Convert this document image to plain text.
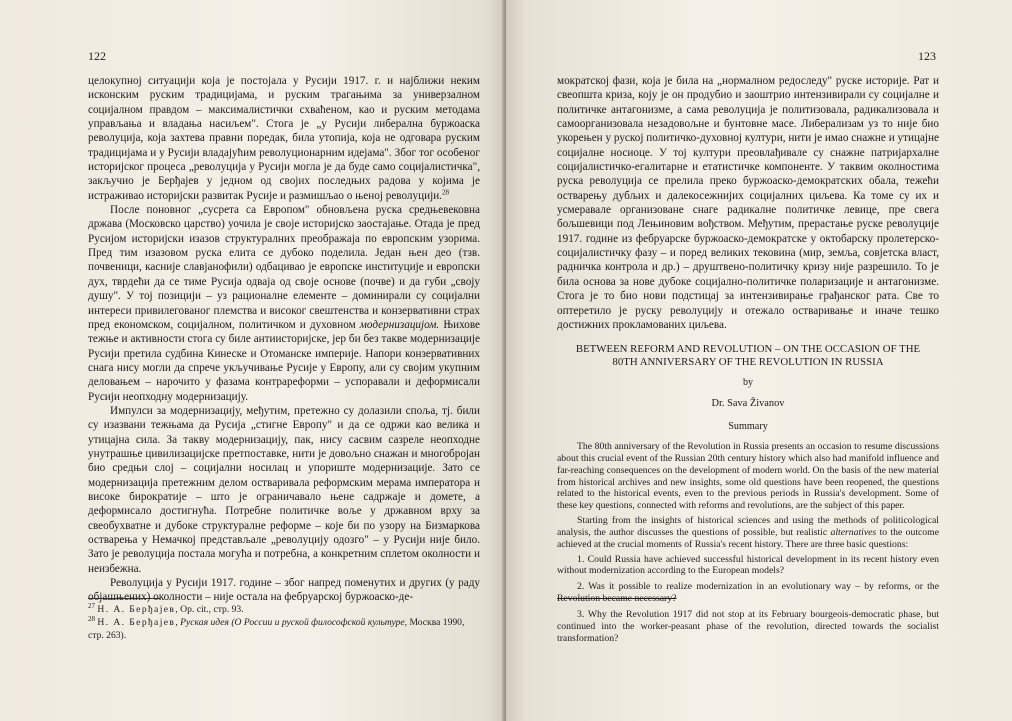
122

целокупној ситуацији која је постојала у Русији 1917. г. и најближи неким исконским руским традицијама, и руским трагањима за универзалном социјалном правдом – максималистички схваћеном, као и руским методама управљања и владања насиљем". Стога је „у Русији либерална буржоаска револуција, која захтева правни поредак, била утопија, која не одговара руским традицијама и у Русији владајућим револуционарним идејама". Због тог особеног историјског процеса „револуција у Русији могла је да буде само социјалистичка", закључио је Берђајев у једном од својих последњих радова у којима је истраживао историјски развитак Русије и размишљао о њеној револуцији.$^{28}$

После поновног „сусрета са Европом" обновљена руска средњевековна држава (Московско царство) уочила је своје историјско заостајање. Отада је пред Русијом историјски изазов структуралних преображаја по европским узорима. Пред тим изазовом руска елита се дубоко поделила. Један њен део (тзв. почвеници, касније славјанофили) одбацивао је европске институције и европски дух, тврдећи да се тиме Русија одваја од своје основе (почве) и да губи „своју душу". У тој позицији – уз рационалне елементе – доминирали су социјални интереси привилегованог племства и високог свештенства и конзервативни страх пред економском, социјалном, политичком и духовном модернизацијом. Њихове тежње и активности стога су биле антиисторијске, јер би без такве модернизације Русији претила судбина Кинеске и Отоманске империје. Напори конзервативних снага нису могли да спрече укључивање Русије у Европу, али су својим укупним деловањем – нарочито у фазама контрареформи – успоравали и деформисали Русији неопходну модернизацију.

Импулси за модернизацију, међутим, претежно су долазили споља, тј. били су изазвани тежњама да Русија „стигне Европу" и да се одржи као велика и утицајна сила. За такву модернизацију, пак, нису сасвим сазреле неопходне унутрашње цивилизацијске претпоставке, нити је довољно снажан и многобројан био средњи слој – социјални носилац и упориште модернизације. Зато се модернизација претежним делом остваривала реформским мерама императора и високе бирократије – што је ограничавало њене садржаје и домете, а деформисало достигнућа. Потребне политичке воље у државном врху за свеобухватне и дубоке структуралне реформе – које би по узору на Бизмаркова остварења у Немачкој представљале „револуцију одозго" – у Русији није било. Зато је револуција постала могућа и потребна, а конкретним сплетом околности и неизбежна.

Револуција у Русији 1917. године – због напред поменутих и других (у раду објашњених) околности – није остала на фебруарској буржоаско-де-

$^{27}$ Н. А. Берђајев, Op. cit., стр. 93.
$^{28}$ Н. А. Берђајев, Руская идея (О России и руской философской культуре, Москва 1990, стр. 263).
123

мократској фази, која је била на „нормалном редоследу" руске историје. Рат и свеопшта криза, коју је он продубио и заоштрио интензивирали су социјалне и политичке антагонизме, а сама револуција је политизовала, радикализовала и самоорганизовала незадовољне и бунтовне масе. Либерализам уз то није био укорењен у руској политичко-духовној култури, нити је имао снажне и утицајне социјалне носиоце. У тој култури преовлађивале су снажне патријархалне социјалистичко-егалитарне и етатистичке компоненте. У таквим околностима руска револуција се прелила преко буржоаско-демократских обала, тежећи остварењу дубљих и далекосежнијих социјалних циљева. Ка томе су их и усмеравале организоване снаге радикалне политичке левице, пре свега бољшевици под Лењиновим вођством. Међутим, прерастање руске револуције 1917. године из фебруарске буржоаско-демократске у октобарску пролетерско-социјалистичку фазу – и поред великих тековина (мир, земља, совјетска власт, радничка контрола и др.) – друштвено-политичку кризу није разрешило. То је била основа за нове дубоке социјално-политичке поларизације и антагонизме. Стога је то био нови подстицај за интензивирање грађанског рата. Све то оптеретило је руску револуцију и отежало остваривање и иначе тешко достижних прокламованих циљева.

BETWEEN REFORM AND REVOLUTION – ON THE OCCASION OF THE
80TH ANNIVERSARY OF THE REVOLUTION IN RUSSIA
by
Dr. Sava Živanov
Summary

The 80th anniversary of the Revolution in Russia presents an occasion to resume discussions about this crucial event of the Russian 20th century history which also had manifold influence and far-reaching consequences on the development of modern world. On the basis of the new material from historical archives and new insights, some old questions have been reopened, the questions related to the historical events, even to the previous periods in Russia's development. Some of these key questions, connected with reforms and revolutions, are the subject of this paper.

Starting from the insights of historical sciences and using the methods of politicological analysis, the author discusses the questions of possible, but realistic alternatives to the outcome achieved at the crucial moments of Russia's recent history. There are three basic questions:

1. Could Russia have achieved successful historical development in its recent history even without modernization according to the European models?

2. Was it possible to realize modernization in an evolutionary way – by reforms, or the Revolution became necessary?

3. Why the Revolution 1917 did not stop at its February bourgeois-democratic phase, but continued into the worker-peasant phase of the revolution, directed towards the socialist transformation?
